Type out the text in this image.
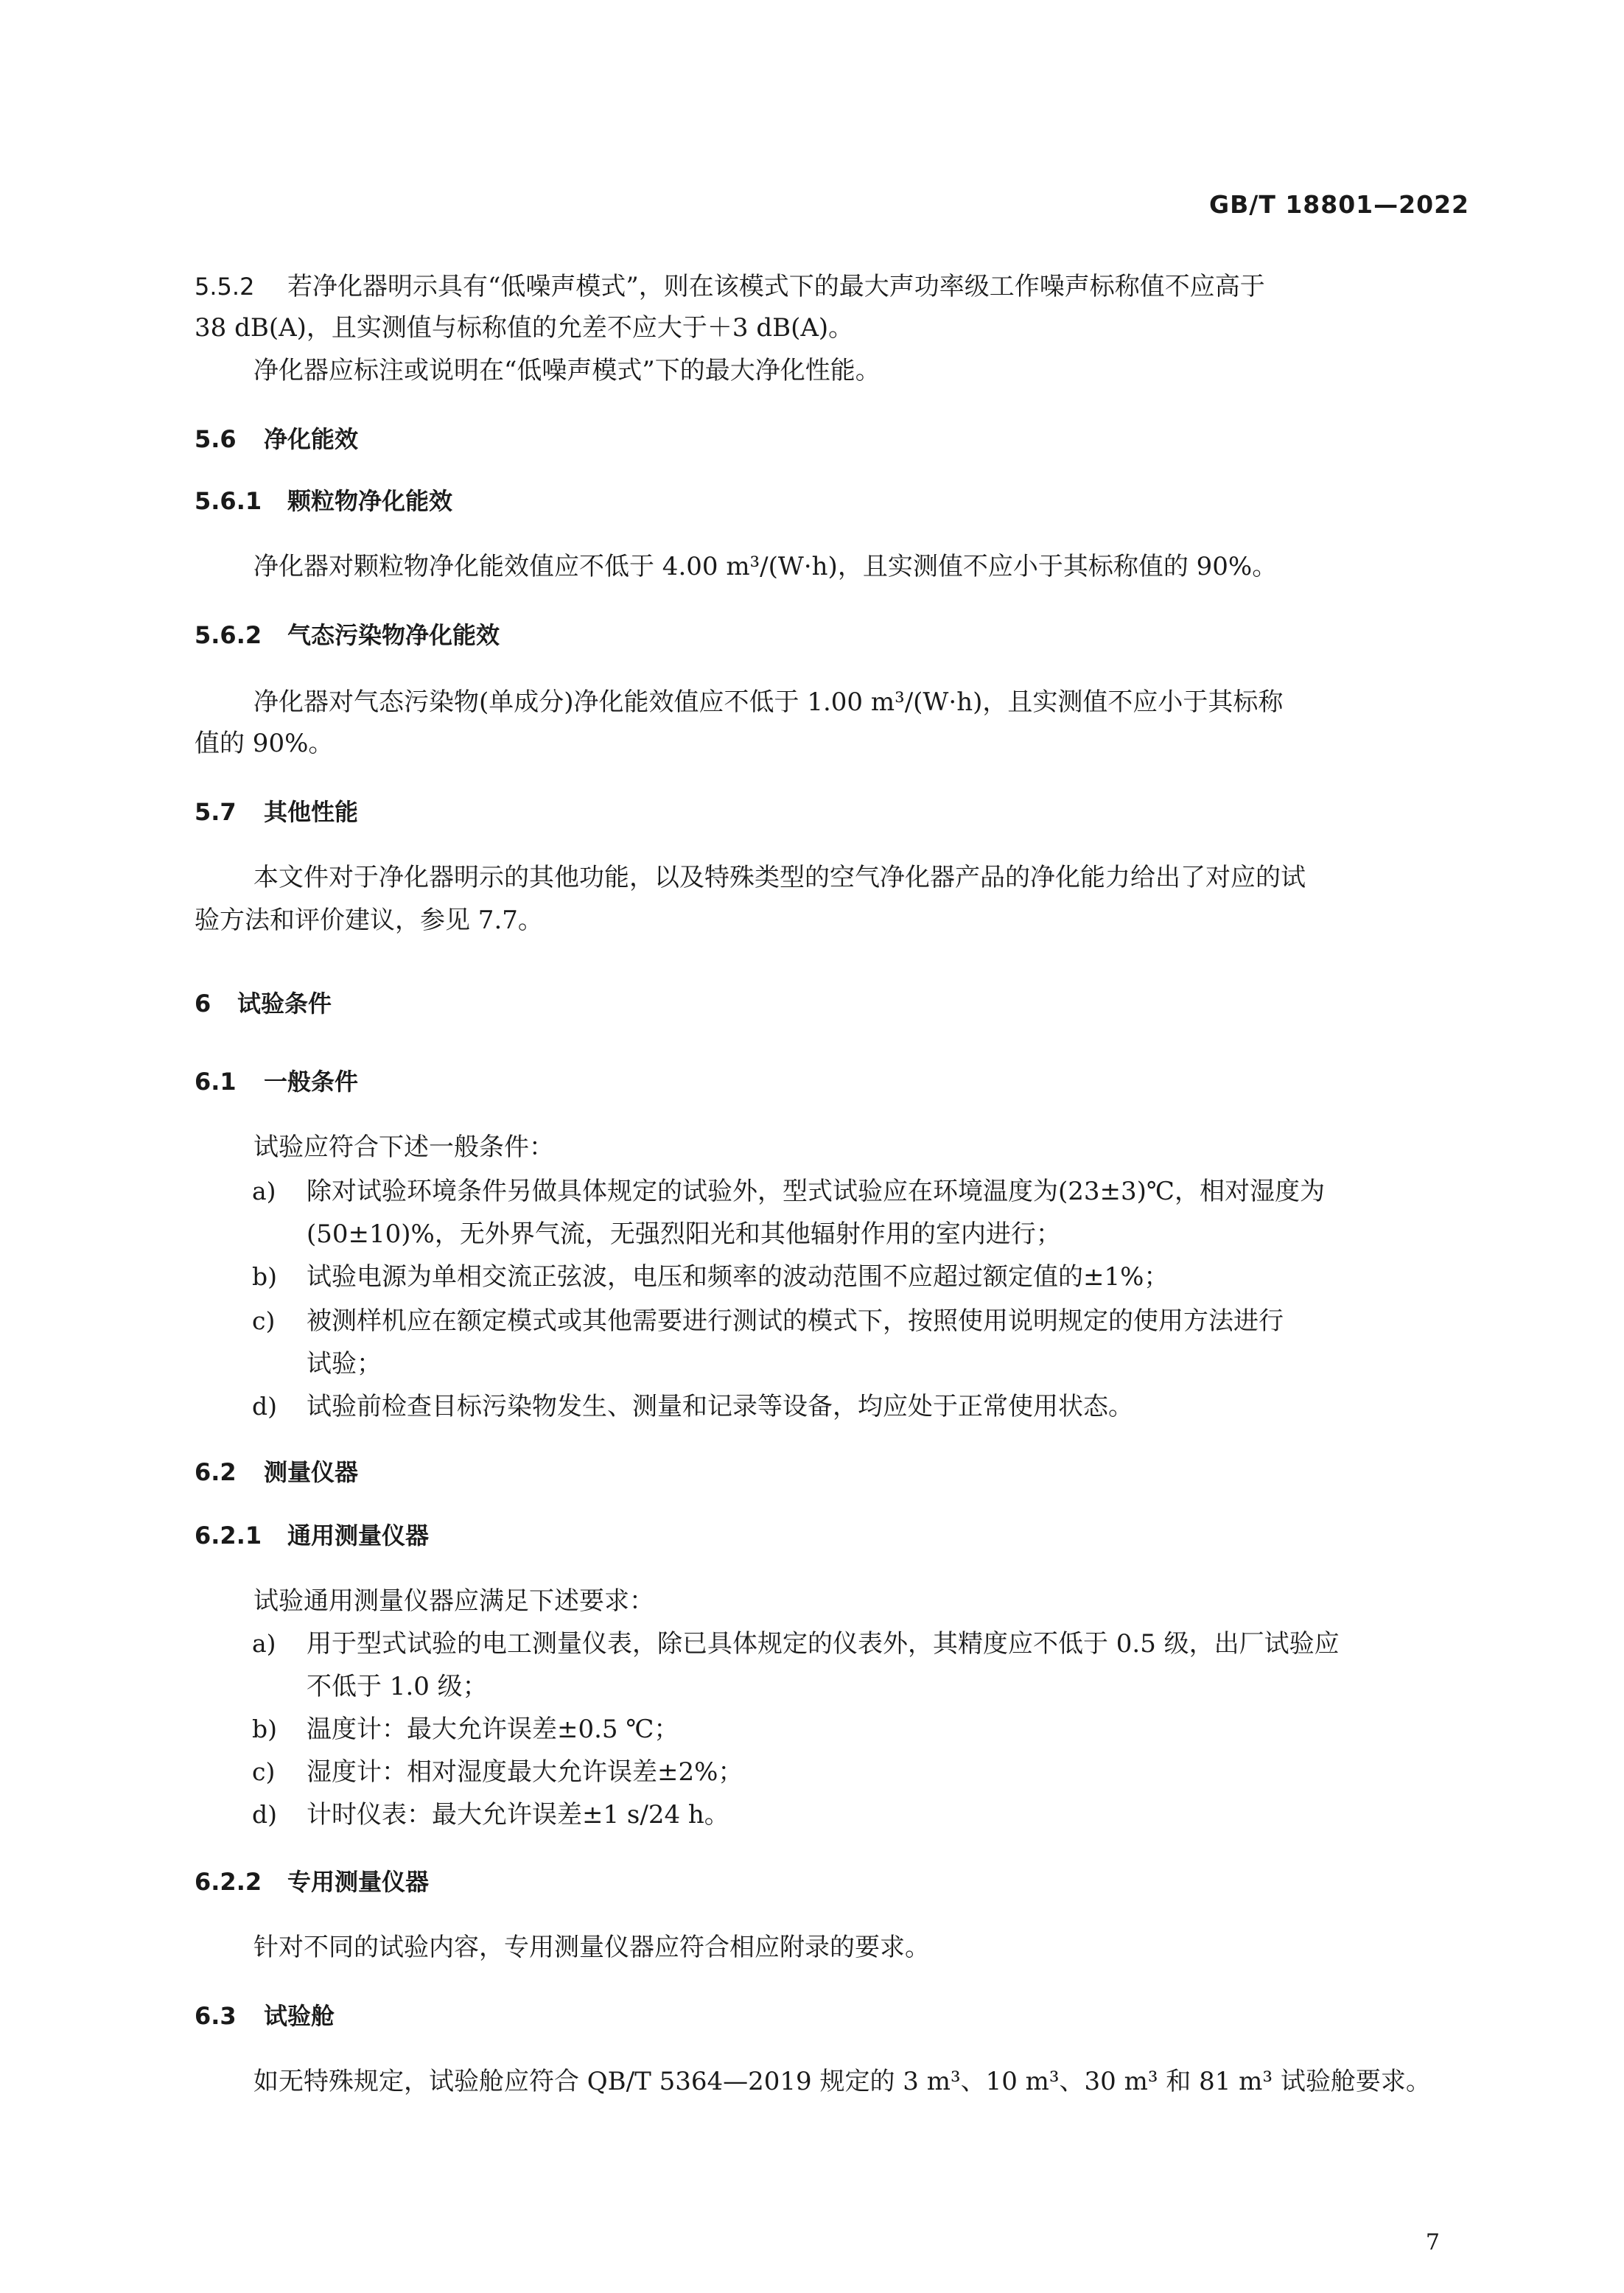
GB/T 18801—2022
5.5.2 若净化器明示具有“低噪声模式”，则在该模式下的最大声功率级工作噪声标称值不应高于
38 dB(A)，且实测值与标称值的允差不应大于＋3 dB(A)。
净化器应标注或说明在“低噪声模式”下的最大净化性能。
5.6 净化能效
5.6.1 颗粒物净化能效
净化器对颗粒物净化能效值应不低于 4.00 m³/(W·h)，且实测值不应小于其标称值的 90%。
5.6.2 气态污染物净化能效
净化器对气态污染物(单成分)净化能效值应不低于 1.00 m³/(W·h)，且实测值不应小于其标称
值的 90%。
5.7 其他性能
本文件对于净化器明示的其他功能，以及特殊类型的空气净化器产品的净化能力给出了对应的试
验方法和评价建议，参见 7.7。
6 试验条件
6.1 一般条件
试验应符合下述一般条件：
a) 除对试验环境条件另做具体规定的试验外，型式试验应在环境温度为(23±3)℃，相对湿度为
(50±10)%，无外界气流，无强烈阳光和其他辐射作用的室内进行；
b) 试验电源为单相交流正弦波，电压和频率的波动范围不应超过额定值的±1%；
c) 被测样机应在额定模式或其他需要进行测试的模式下，按照使用说明规定的使用方法进行
试验；
d) 试验前检查目标污染物发生、测量和记录等设备，均应处于正常使用状态。
6.2 测量仪器
6.2.1 通用测量仪器
试验通用测量仪器应满足下述要求：
a) 用于型式试验的电工测量仪表，除已具体规定的仪表外，其精度应不低于 0.5 级，出厂试验应
不低于 1.0 级；
b) 温度计：最大允许误差±0.5 ℃；
c) 湿度计：相对湿度最大允许误差±2%；
d) 计时仪表：最大允许误差±1 s/24 h。
6.2.2 专用测量仪器
针对不同的试验内容，专用测量仪器应符合相应附录的要求。
6.3 试验舱
如无特殊规定，试验舱应符合 QB/T 5364—2019 规定的 3 m³、10 m³、30 m³ 和 81 m³ 试验舱要求。
7
